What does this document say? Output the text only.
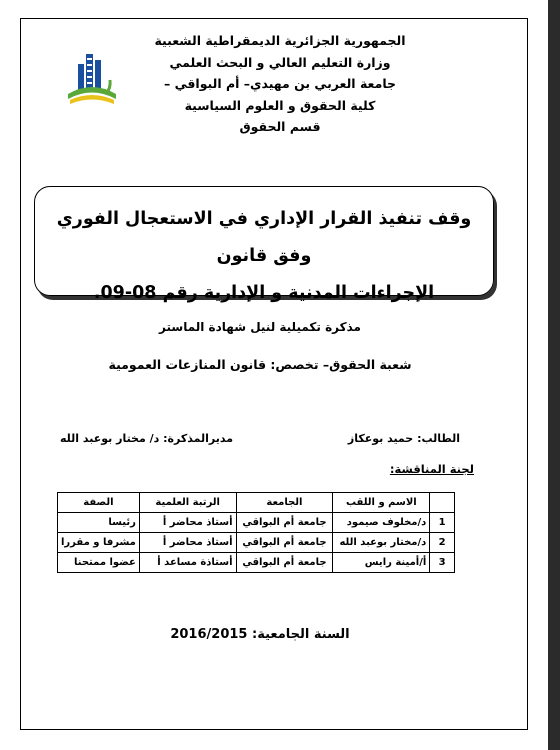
الجمهورية الجزائرية الديمقراطية الشعبية
وزارة التعليم العالي و البحث العلمي
جامعة العربي بن مهيدي– أم البواقي –
كلية الحقوق و العلوم السياسية
قسم الحقوق
وقف تنفيذ القرار الإداري في الاستعجال الفوري وفق قانون
الإجراءات المدنية و الإدارية رقم 08-09.
مذكرة تكميلية لنيل شهادة الماستر
شعبة الحقوق– تخصص: قانون المنازعات العمومية
الطالب: حميد بوعكاز
مديرالمذكرة: د/ مختار بوعبد الله
لجنة المناقشة:
	الاسم و اللقب	الجامعة	الرتبة العلمية	الصفة
1	د/مخلوف صيمود	جامعة أم البواقي	أستاذ محاضر أ	رئيسا
2	د/مختار بوعبد الله	جامعة أم البواقي	أستاذ محاضر أ	مشرفا و مقررا
3	أ/أمينة رايس	جامعة أم البواقي	أستاذة مساعد أ	عضوا ممتحنا
السنة الجامعية: 2016/2015
